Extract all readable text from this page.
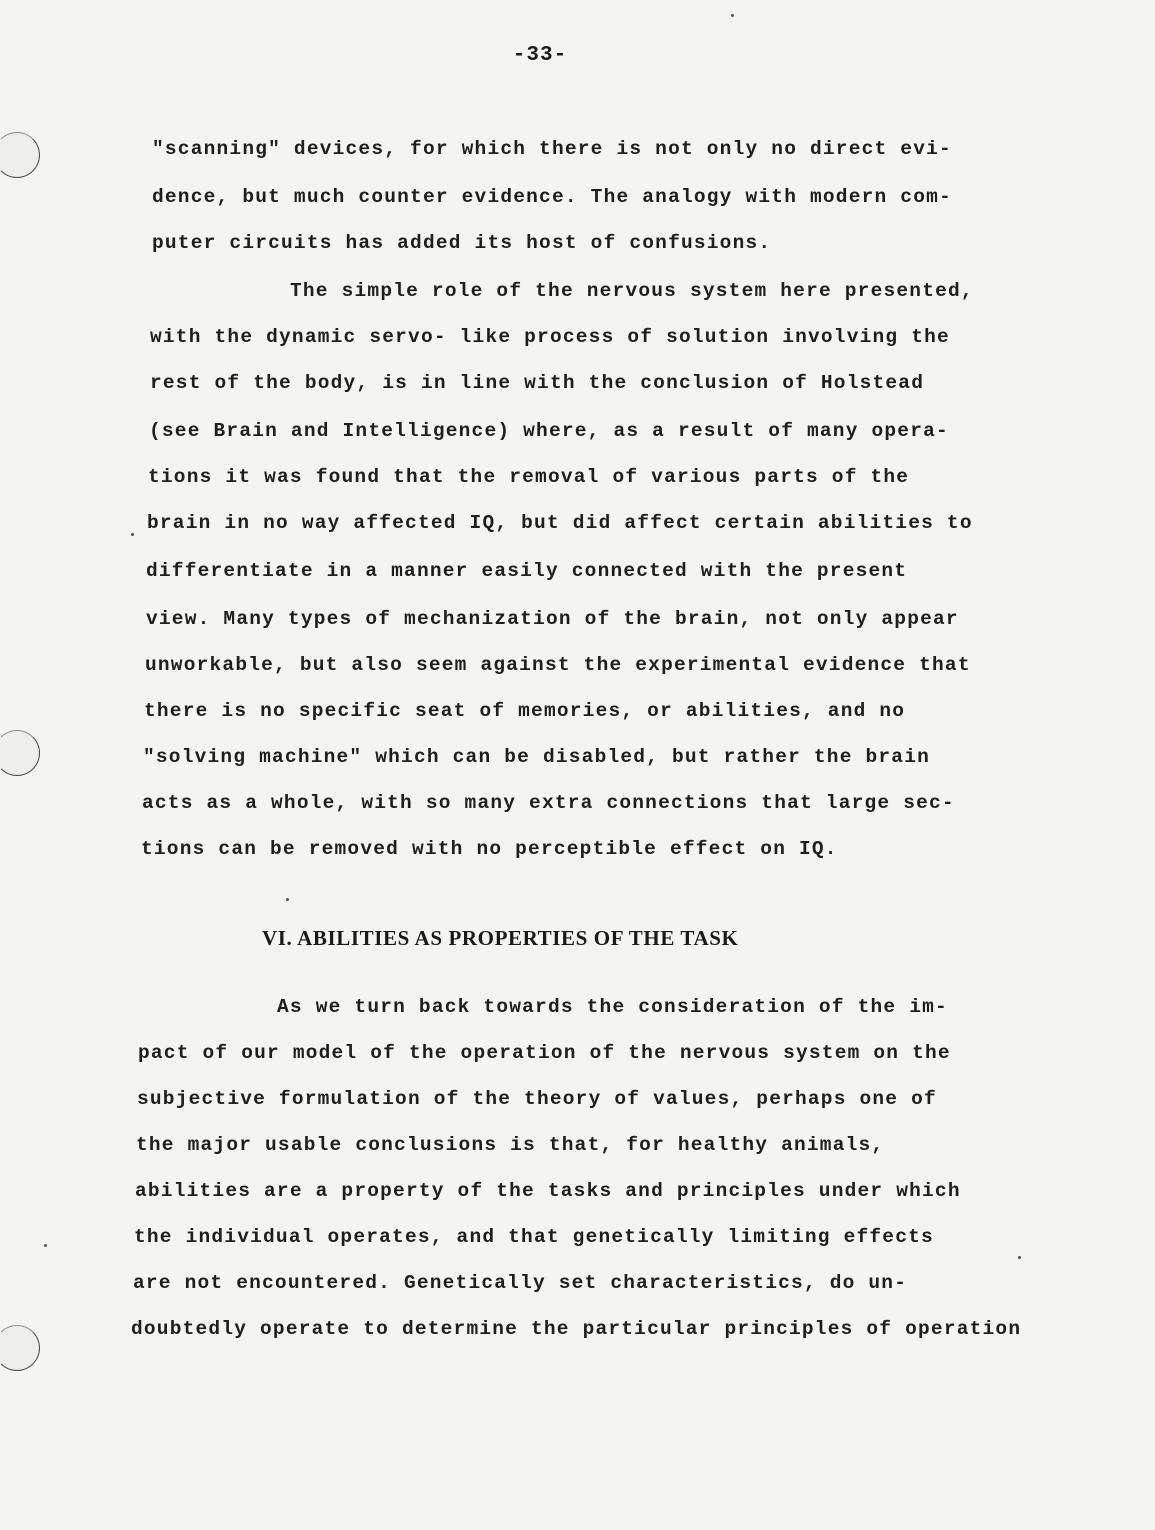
-33-
"scanning" devices, for which there is not only no direct evi-
dence, but much counter evidence. The analogy with modern com-
puter circuits has added its host of confusions.
The simple role of the nervous system here presented,
with the dynamic servo- like process of solution involving the
rest of the body, is in line with the conclusion of Holstead
(see Brain and Intelligence) where, as a result of many opera-
tions it was found that the removal of various parts of the
brain in no way affected IQ, but did affect certain abilities to
differentiate in a manner easily connected with the present
view. Many types of mechanization of the brain, not only appear
unworkable, but also seem against the experimental evidence that
there is no specific seat of memories, or abilities, and no
"solving machine" which can be disabled, but rather the brain
acts as a whole, with so many extra connections that large sec-
tions can be removed with no perceptible effect on IQ.
VI. ABILITIES AS PROPERTIES OF THE TASK
As we turn back towards the consideration of the im-
pact of our model of the operation of the nervous system on the
subjective formulation of the theory of values, perhaps one of
the major usable conclusions is that, for healthy animals,
abilities are a property of the tasks and principles under which
the individual operates, and that genetically limiting effects
are not encountered. Genetically set characteristics, do un-
doubtedly operate to determine the particular principles of operation
